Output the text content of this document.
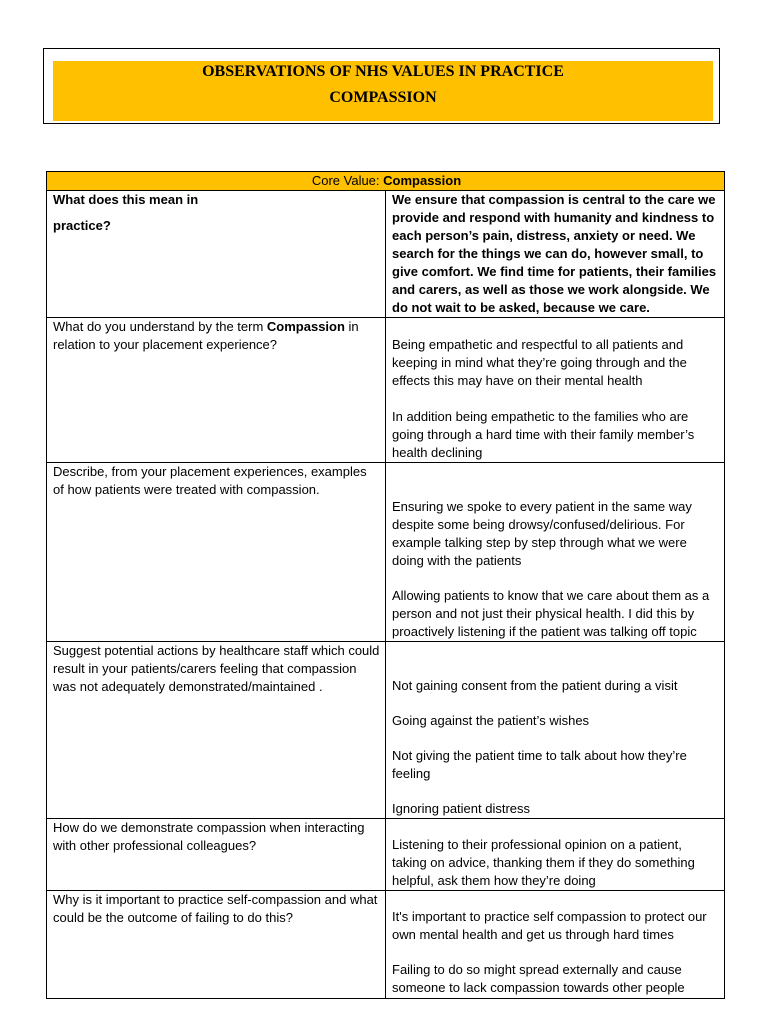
OBSERVATIONS OF NHS VALUES IN PRACTICE
COMPASSION
Core Value: Compassion	

What does this mean in
practice?	We ensure that compassion is central to the care we provide and respond with humanity and kindness to each person’s pain, distress, anxiety or need. We search for the things we can do, however small, to give comfort. We find time for patients, their families and carers, as well as those we work alongside. We do not wait to be asked, because we care.

What do you understand by the term Compassion in relation to your placement experience?	Being empathetic and respectful to all patients and keeping in mind what they’re going through and the effects this may have on their mental health

In addition being empathetic to the families who are going through a hard time with their family member’s health declining

Describe, from your placement experiences, examples of how patients were treated with compassion.	Ensuring we spoke to every patient in the same way despite some being drowsy/confused/delirious. For example talking step by step through what we were doing with the patients

Allowing patients to know that we care about them as a person and not just their physical health. I did this by proactively listening if the patient was talking off topic

Suggest potential actions by healthcare staff which could result in your patients/carers feeling that compassion was not adequately demonstrated/maintained .	Not gaining consent from the patient during a visit

Going against the patient’s wishes

Not giving the patient time to talk about how they’re feeling

Ignoring patient distress

How do we demonstrate compassion when interacting with other professional colleagues?	Listening to their professional opinion on a patient, taking on advice, thanking them if they do something helpful, ask them how they’re doing

Why is it important to practice self-compassion and what could be the outcome of failing to do this?	It's important to practice self compassion to protect our own mental health and get us through hard times

Failing to do so might spread externally and cause someone to lack compassion towards other people
